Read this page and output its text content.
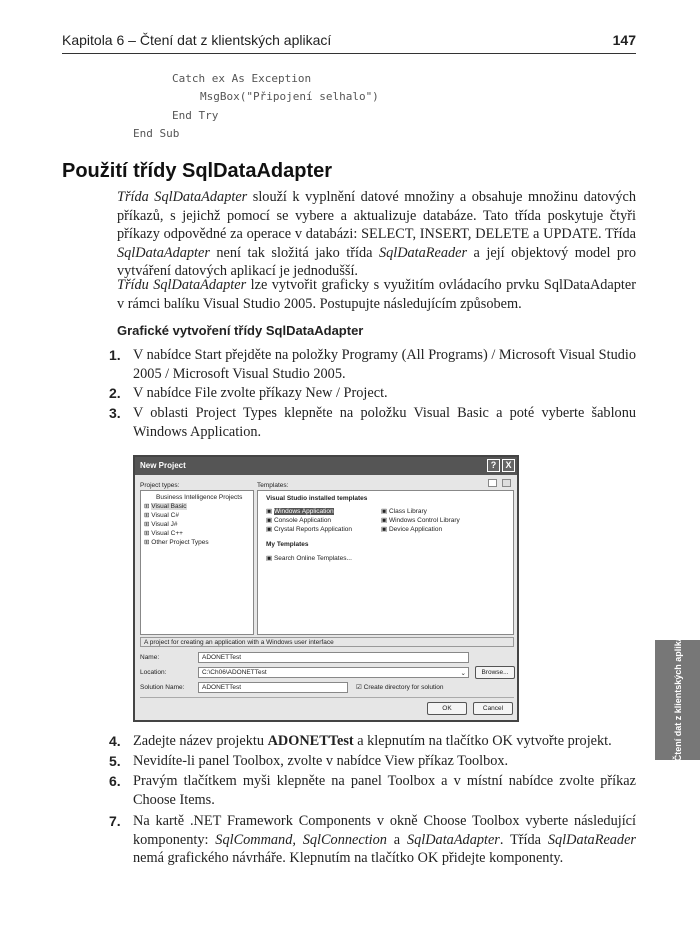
Kapitola 6 – Čtení dat z klientských aplikací	147
Catch ex As Exception
MsgBox("Připojení selhalo")
End Try
End Sub
Použití třídy SqlDataAdapter
Třída SqlDataAdapter slouží k vyplnění datové množiny a obsahuje množinu datových příkazů, s jejichž pomocí se vybere a aktualizuje databáze. Tato třída poskytuje čtyři příkazy odpovědné za operace v databázi: SELECT, INSERT, DELETE a UPDATE. Třída SqlDataAdapter není tak složitá jako třída SqlDataReader a její objektový model pro vytváření datových aplikací je jednodušší.
Třídu SqlDataAdapter lze vytvořit graficky s využitím ovládacího prvku SqlDataAdapter v rámci balíku Visual Studio 2005. Postupujte následujícím způsobem.
Grafické vytvoření třídy SqlDataAdapter
1. V nabídce Start přejděte na položky Programy (All Programs) / Microsoft Visual Studio 2005 / Microsoft Visual Studio 2005.
2. V nabídce File zvolte příkazy New / Project.
3. V oblasti Project Types klepněte na položku Visual Basic a poté vyberte šablonu Windows Application.
New Project	?	X
Project types:	Templates:
Business Intelligence Projects
⊞ Visual Basic
⊞ Visual C#
⊞ Visual J#
⊞ Visual C++
⊞ Other Project Types
Visual Studio installed templates
▣ Windows Application
▣ Console Application
▣ Crystal Reports Application
▣ Class Library
▣ Windows Control Library
▣ Device Application
My Templates
▣ Search Online Templates...
A project for creating an application with a Windows user interface
Name:	ADONETTest
Location:	C:\Ch06\ADONETTest	⌄	Browse...
Solution Name:	ADONETTest	☑ Create directory for solution
OK	Cancel
4. Zadejte název projektu ADONETTest a klepnutím na tlačítko OK vytvořte projekt.
5. Nevidíte-li panel Toolbox, zvolte v nabídce View příkaz Toolbox.
6. Pravým tlačítkem myši klepněte na panel Toolbox a v místní nabídce zvolte příkaz Choose Items.
7. Na kartě .NET Framework Components v okně Choose Toolbox vyberte následující komponenty: SqlCommand, SqlConnection a SqlDataAdapter. Třída SqlDataReader nemá grafického návrháře. Klepnutím na tlačítko OK přidejte komponenty.
6  Čtení dat z klientských aplikací
